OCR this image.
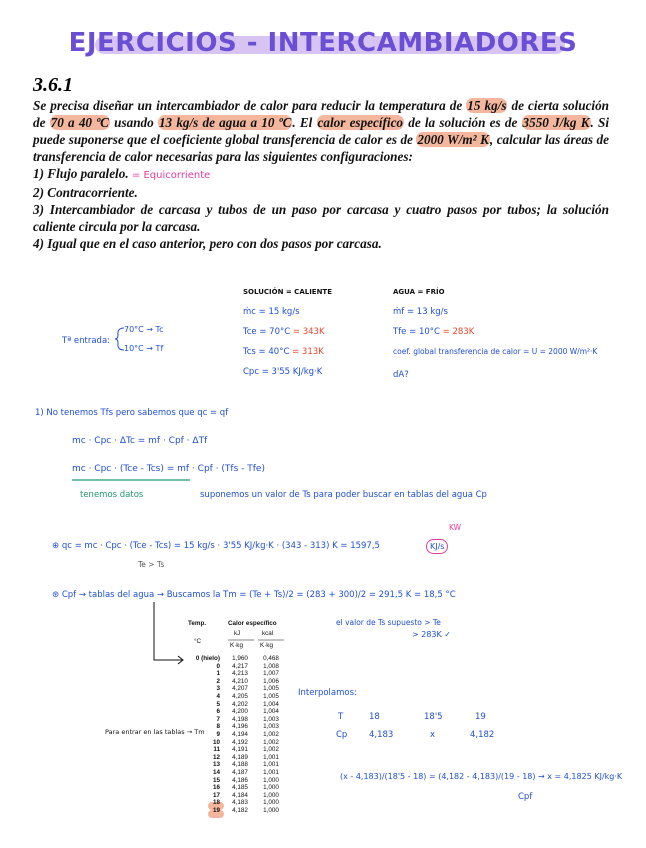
EJERCICIOS - INTERCAMBIADORES
3.6.1

Se precisa diseñar un intercambiador de calor para reducir la temperatura de 15 kg/s de cierta solución de 70 a 40 ºC usando 13 kg/s de agua a 10 ºC. El calor específico de la solución es de 3550 J/kg K. Si puede suponerse que el coeficiente global transferencia de calor es de 2000 W/m² K, calcular las áreas de transferencia de calor necesarias para las siguientes configuraciones:

1) Flujo paralelo. = Equicorriente

2) Contracorriente.

3) Intercambiador de carcasa y tubos de un paso por carcasa y cuatro pasos por tubos; la solución caliente circula por la carcasa.

4) Igual que en el caso anterior, pero con dos pasos por carcasa.

SOLUCIÓN = CALIENTE	AGUA = FRÍO
ṁc = 15 kg/s
Tce = 70°C = 343K
Tcs = 40°C = 313K
Cpc = 3'55 KJ/kg·K
ṁf = 13 kg/s
Tfe = 10°C = 283K
coef. global transferencia de calor = U = 2000 W/m²·K
dA?
Tª entrada:
70°C → Tc
10°C → Tf
1) No tenemos Tfs pero sabemos que qc = qf
mc · Cpc · ΔTc = mf · Cpf · ΔTf
mc · Cpc · (Tce - Tcs) = mf · Cpf · (Tfs - Tfe)
tenemos datos	suponemos un valor de Ts para poder buscar en tablas del agua Cp
⊕ qc = mc · Cpc · (Tce - Tcs) = 15 kg/s · 3'55 KJ/kg·K · (343 - 313) K = 1597,5	KJ/s
KW
Te > Ts
⊛ Cpf → tablas del agua → Buscamos la Tm = (Te + Ts)/2 = (283 + 300)/2 = 291,5 K = 18,5 °C
el valor de Ts supuesto > Te
> 283K ✓
Para entrar en las tablas → Tm
Interpolamos:
T	18	18'5	19
Cp	4,183	x	4,182
(x - 4,183)/(18'5 - 18) = (4,182 - 4,183)/(19 - 18) → x = 4,1825 KJ/kg·K
Cpf
Temp.
°C
Calor específico
kJ
K·kg
kcal
K·kg
0 (hielo)	1,960	0,468
0	4,217	1,008
1	4,213	1,007
2	4,210	1,006
3	4,207	1,005
4	4,205	1,005
5	4,202	1,004
6	4,200	1,004
7	4,198	1,003
8	4,196	1,003
9	4,194	1,002
10	4,192	1,002
11	4,191	1,002
12	4,189	1,001
13	4,188	1,001
14	4,187	1,001
15	4,186	1,000
16	4,185	1,000
17	4,184	1,000
18	4,183	1,000
19	4,182	1,000
